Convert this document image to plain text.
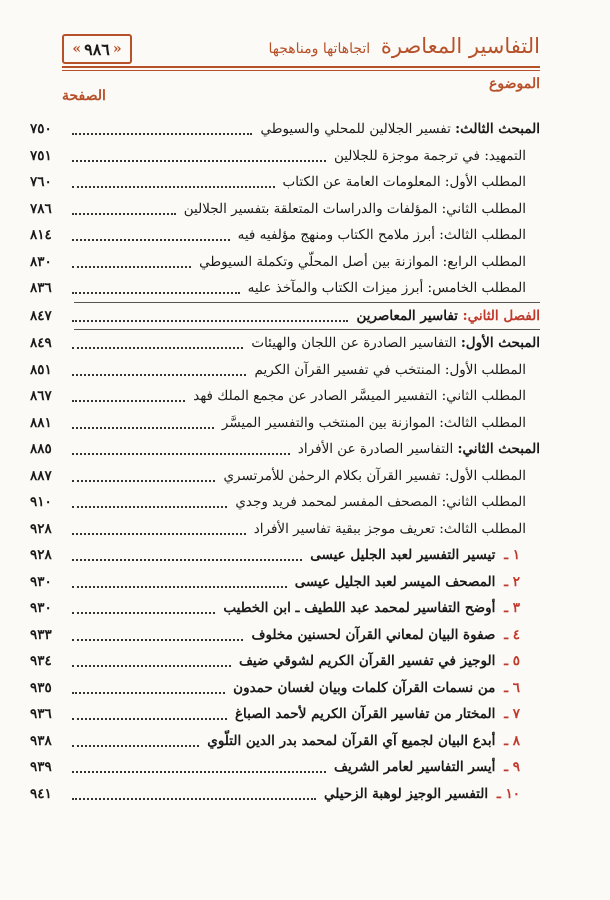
التفاسير المعاصرة اتجاهاتها ومناهجها
«
٩٨٦
»
الموضوع
الصفحة
المبحث الثالث: تفسير الجلالين للمحلي والسيوطي
٧٥٠
التمهيد: في ترجمة موجزة للجلالين
٧٥١
المطلب الأول: المعلومات العامة عن الكتاب
٧٦٠
المطلب الثاني: المؤلفات والدراسات المتعلقة بتفسير الجلالين
٧٨٦
المطلب الثالث: أبرز ملامح الكتاب ومنهج مؤلفيه فيه
٨١٤
المطلب الرابع: الموازنة بين أصل المحلّي وتكملة السيوطي
٨٣٠
المطلب الخامس: أبرز ميزات الكتاب والمآخذ عليه
٨٣٦
الفصل الثاني: تفاسير المعاصرين
٨٤٧
المبحث الأول: التفاسير الصادرة عن اللجان والهيئات
٨٤٩
المطلب الأول: المنتخب في تفسير القرآن الكريم
٨٥١
المطلب الثاني: التفسير الميسَّر الصادر عن مجمع الملك فهد
٨٦٧
المطلب الثالث: الموازنة بين المنتخب والتفسير الميسَّر
٨٨١
المبحث الثاني: التفاسير الصادرة عن الأفراد
٨٨٥
المطلب الأول: تفسير القرآن بكلام الرحمٰن للأمرتسري
٨٨٧
المطلب الثاني: المصحف المفسر لمحمد فريد وجدي
٩١٠
المطلب الثالث: تعريف موجز ببقية تفاسير الأفراد
٩٢٨
١ ـ تيسير التفسير لعبد الجليل عيسى
٩٢٨
٢ ـ المصحف الميسر لعبد الجليل عيسى
٩٣٠
٣ ـ أوضح التفاسير لمحمد عبد اللطيف ـ ابن الخطيب
٩٣٠
٤ ـ صفوة البيان لمعاني القرآن لحسنين مخلوف
٩٣٣
٥ ـ الوجيز في تفسير القرآن الكريم لشوقي ضيف
٩٣٤
٦ ـ من نسمات القرآن كلمات وبيان لغسان حمدون
٩٣٥
٧ ـ المختار من تفاسير القرآن الكريم لأحمد الصباغ
٩٣٦
٨ ـ أبدع البيان لجميع آي القرآن لمحمد بدر الدين التلّوي
٩٣٨
٩ ـ أيسر التفاسير لعامر الشريف
٩٣٩
١٠ ـ التفسير الوجيز لوهبة الزحيلي
٩٤١
